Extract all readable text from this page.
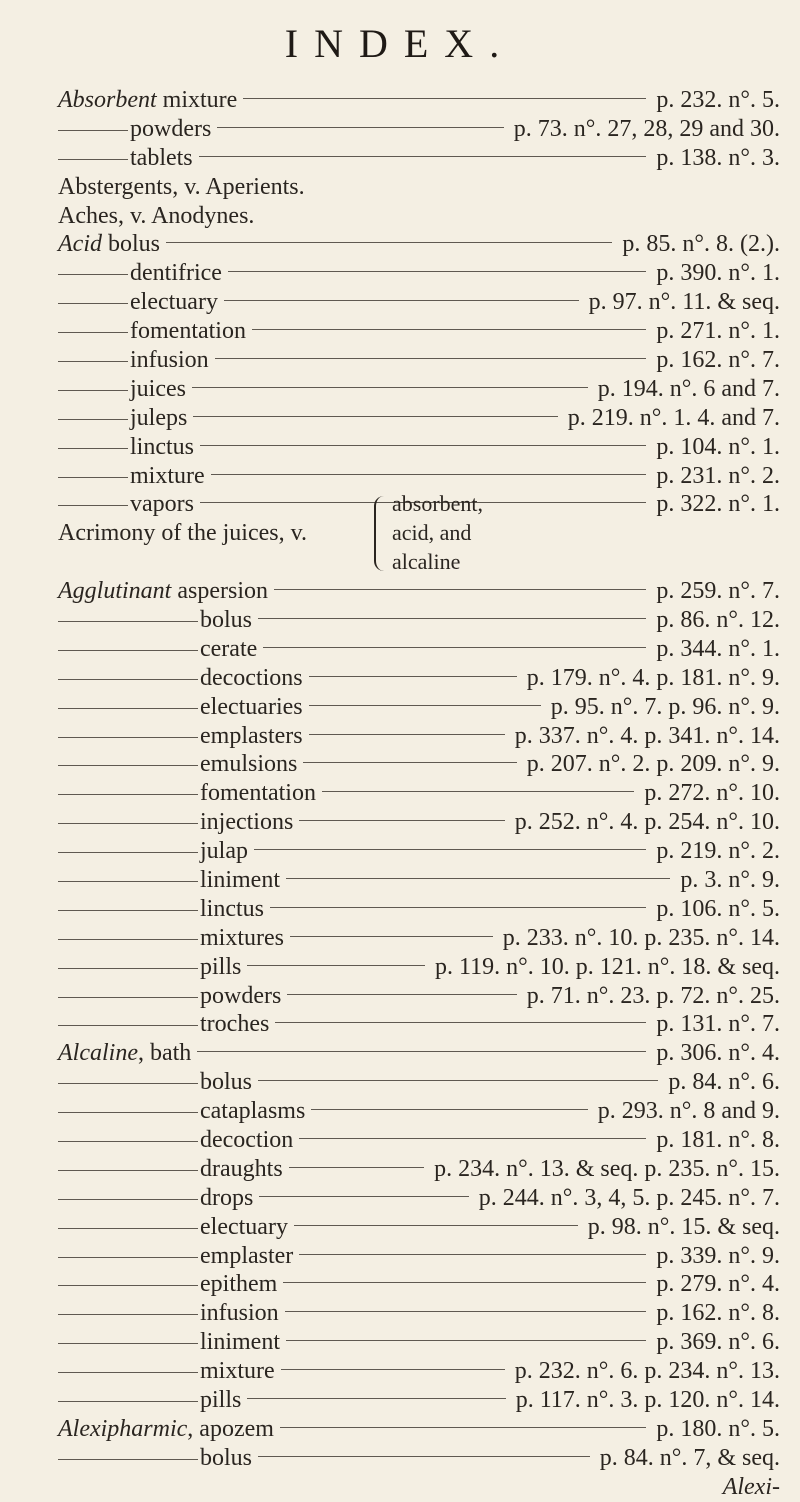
INDEX.
Absorbent mixture	p. 232. n°. 5.
powders	p. 73. n°. 27, 28, 29 and 30.
tablets	p. 138. n°. 3.
Abstergents, v. Aperients.
Aches, v. Anodynes.
Acid bolus	p. 85. n°. 8. (2.).
dentifrice	p. 390. n°. 1.
electuary	p. 97. n°. 11. & seq.
fomentation	p. 271. n°. 1.
infusion	p. 162. n°. 7.
juices	p. 194. n°. 6 and 7.
juleps	p. 219. n°. 1. 4. and 7.
linctus	p. 104. n°. 1.
mixture	p. 231. n°. 2.
vapors	p. 322. n°. 1.
Acrimony of the juices, v.
absorbent,
acid, and
alcaline
Agglutinant aspersion	p. 259. n°. 7.
bolus	p. 86. n°. 12.
cerate	p. 344. n°. 1.
decoctions	p. 179. n°. 4. p. 181. n°. 9.
electuaries	p. 95. n°. 7. p. 96. n°. 9.
emplasters	p. 337. n°. 4. p. 341. n°. 14.
emulsions	p. 207. n°. 2. p. 209. n°. 9.
fomentation	p. 272. n°. 10.
injections	p. 252. n°. 4. p. 254. n°. 10.
julap	p. 219. n°. 2.
liniment	p. 3. n°. 9.
linctus	p. 106. n°. 5.
mixtures	p. 233. n°. 10. p. 235. n°. 14.
pills	p. 119. n°. 10. p. 121. n°. 18. & seq.
powders	p. 71. n°. 23. p. 72. n°. 25.
troches	p. 131. n°. 7.
Alcaline, bath	p. 306. n°. 4.
bolus	p. 84. n°. 6.
cataplasms	p. 293. n°. 8 and 9.
decoction	p. 181. n°. 8.
draughts	p. 234. n°. 13. & seq. p. 235. n°. 15.
drops	p. 244. n°. 3, 4, 5. p. 245. n°. 7.
electuary	p. 98. n°. 15. & seq.
emplaster	p. 339. n°. 9.
epithem	p. 279. n°. 4.
infusion	p. 162. n°. 8.
liniment	p. 369. n°. 6.
mixture	p. 232. n°. 6. p. 234. n°. 13.
pills	p. 117. n°. 3. p. 120. n°. 14.
Alexipharmic, apozem	p. 180. n°. 5.
bolus	p. 84. n°. 7, & seq.
Alexi-
